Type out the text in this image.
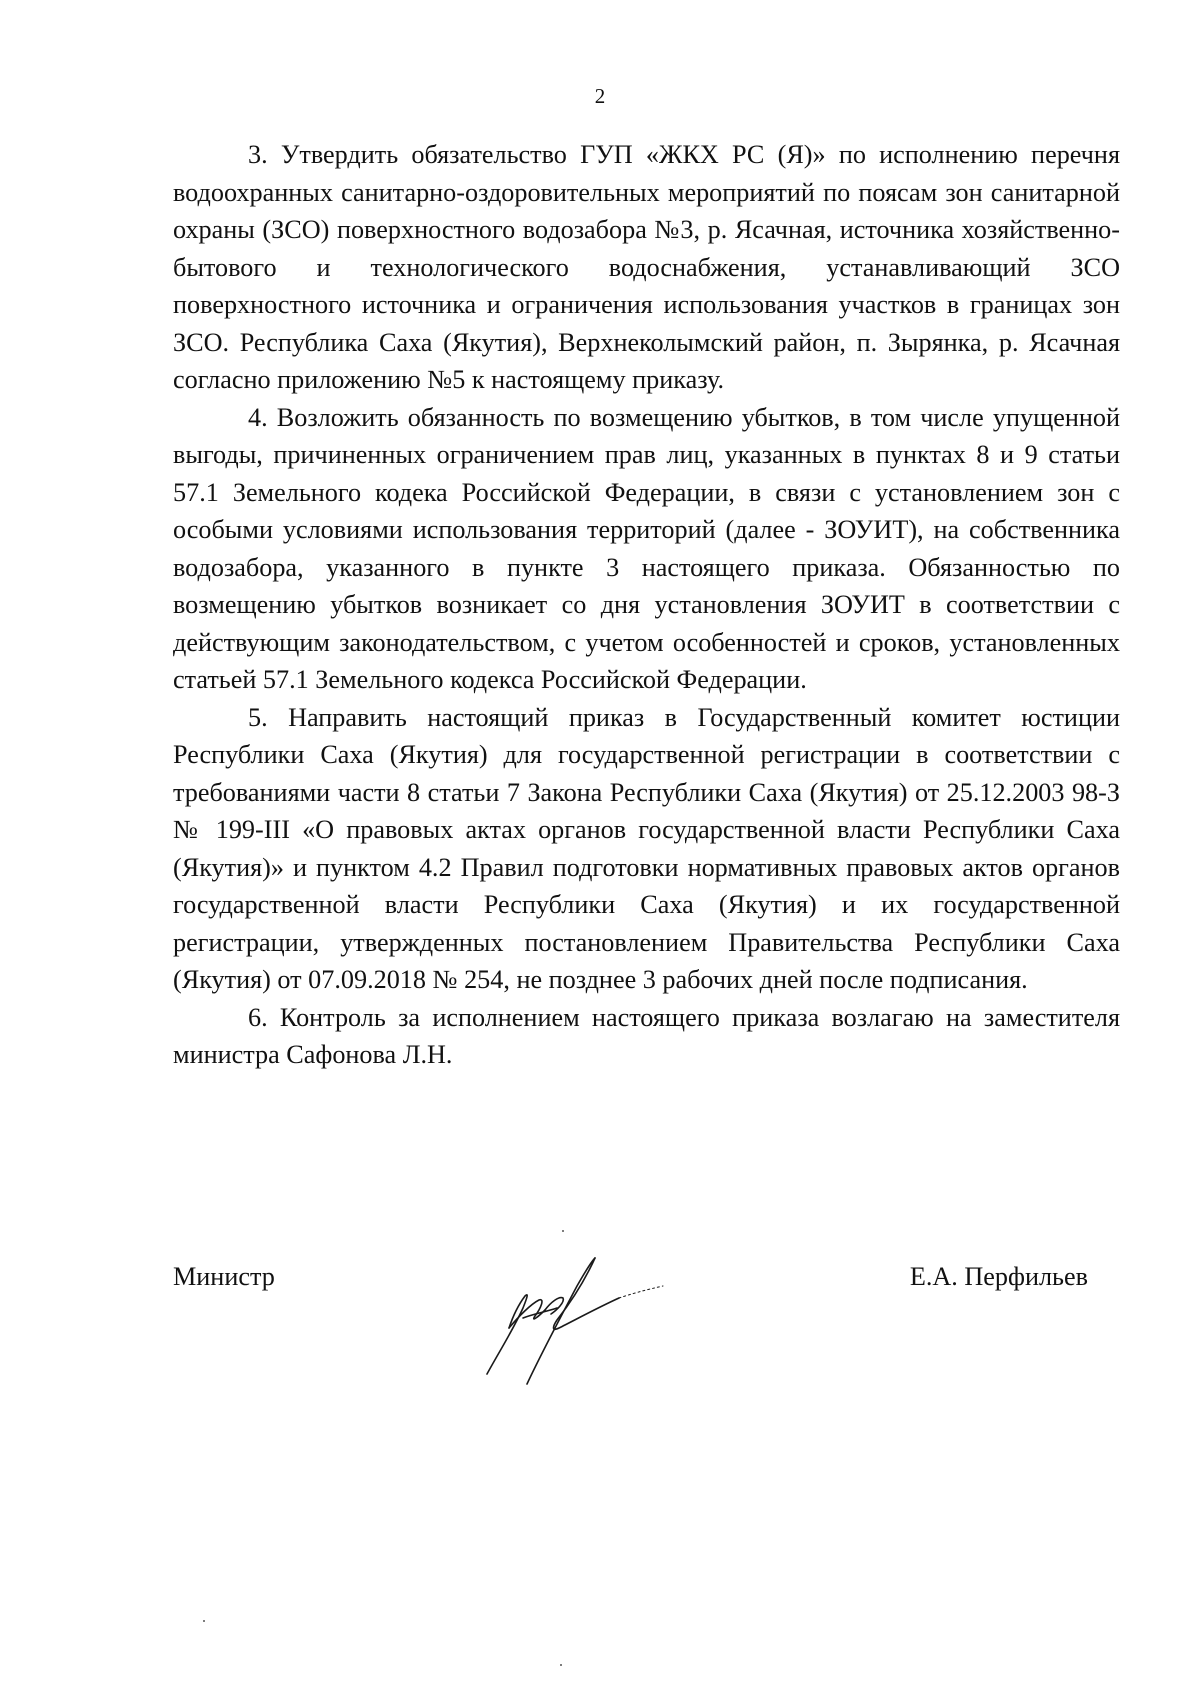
2

3. Утвердить обязательство ГУП «ЖКХ РС (Я)» по исполнению перечня водоохранных санитарно-оздоровительных мероприятий по поясам зон санитарной охраны (ЗСО) поверхностного водозабора №3, р. Ясачная, источника хозяйственно-бытового и технологического водоснабжения, устанавливающий ЗСО поверхностного источника и ограничения использования участков в границах зон ЗСО. Республика Саха (Якутия), Верхнеколымский район, п. Зырянка, р. Ясачная согласно приложению №5 к настоящему приказу.

4. Возложить обязанность по возмещению убытков, в том числе упущенной выгоды, причиненных ограничением прав лиц, указанных в пунктах 8 и 9 статьи 57.1 Земельного кодека Российской Федерации, в связи с установлением зон с особыми условиями использования территорий (далее - ЗОУИТ), на собственника водозабора, указанного в пункте 3 настоящего приказа. Обязанностью по возмещению убытков возникает со дня установления ЗОУИТ в соответствии с действующим законодательством, с учетом особенностей и сроков, установленных статьей 57.1 Земельного кодекса Российской Федерации.

5. Направить настоящий приказ в Государственный комитет юстиции Республики Саха (Якутия) для государственной регистрации в соответствии с требованиями части 8 статьи 7 Закона Республики Саха (Якутия) от 25.12.2003 98-З № 199-III «О правовых актах органов государственной власти Республики Саха (Якутия)» и пунктом 4.2 Правил подготовки нормативных правовых актов органов государственной власти Республики Саха (Якутия) и их государственной регистрации, утвержденных постановлением Правительства Республики Саха (Якутия) от 07.09.2018 № 254, не позднее 3 рабочих дней после подписания.

6. Контроль за исполнением настоящего приказа возлагаю на заместителя министра Сафонова Л.Н.

Министр	Е.А. Перфильев
